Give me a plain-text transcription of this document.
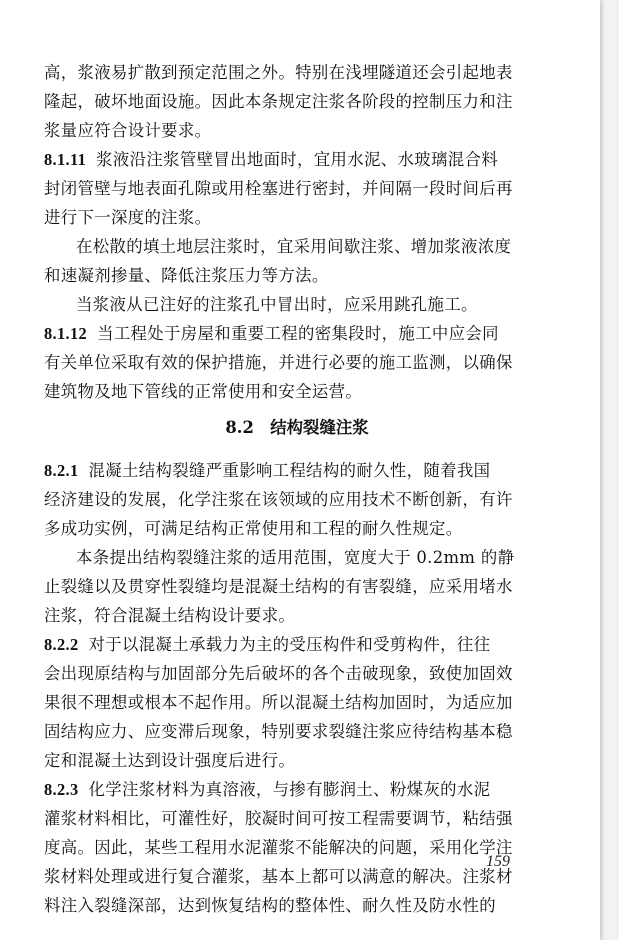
高，浆液易扩散到预定范围之外。特别在浅埋隧道还会引起地表
隆起，破坏地面设施。因此本条规定注浆各阶段的控制压力和注
浆量应符合设计要求。
8.1.11 浆液沿注浆管壁冒出地面时，宜用水泥、水玻璃混合料
封闭管壁与地表面孔隙或用栓塞进行密封，并间隔一段时间后再
进行下一深度的注浆。
在松散的填土地层注浆时，宜采用间歇注浆、增加浆液浓度
和速凝剂掺量、降低注浆压力等方法。
当浆液从已注好的注浆孔中冒出时，应采用跳孔施工。
8.1.12 当工程处于房屋和重要工程的密集段时，施工中应会同
有关单位采取有效的保护措施，并进行必要的施工监测，以确保
建筑物及地下管线的正常使用和安全运营。
8.2　结构裂缝注浆
8.2.1 混凝土结构裂缝严重影响工程结构的耐久性，随着我国
经济建设的发展，化学注浆在该领域的应用技术不断创新，有许
多成功实例，可满足结构正常使用和工程的耐久性规定。
本条提出结构裂缝注浆的适用范围，宽度大于 0.2mm 的静
止裂缝以及贯穿性裂缝均是混凝土结构的有害裂缝，应采用堵水
注浆，符合混凝土结构设计要求。
8.2.2 对于以混凝土承载力为主的受压构件和受剪构件，往往
会出现原结构与加固部分先后破坏的各个击破现象，致使加固效
果很不理想或根本不起作用。所以混凝土结构加固时，为适应加
固结构应力、应变滞后现象，特别要求裂缝注浆应待结构基本稳
定和混凝土达到设计强度后进行。
8.2.3 化学注浆材料为真溶液，与掺有膨润土、粉煤灰的水泥
灌浆材料相比，可灌性好，胶凝时间可按工程需要调节，粘结强
度高。因此，某些工程用水泥灌浆不能解决的问题，采用化学注
浆材料处理或进行复合灌浆，基本上都可以满意的解决。注浆材
料注入裂缝深部，达到恢复结构的整体性、耐久性及防水性的
159
